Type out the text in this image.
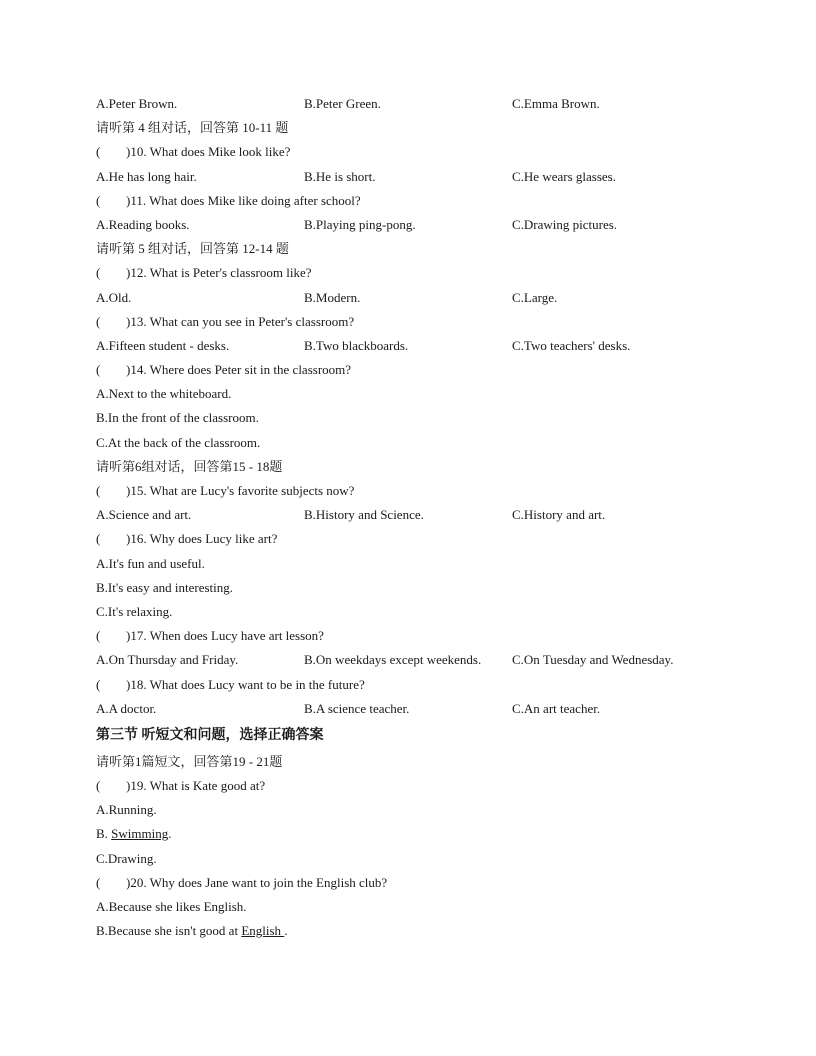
A.Peter Brown.	B.Peter Green.	C.Emma Brown.
请听第 4 组对话，回答第 10-11 题
( )10. What does Mike look like?
A.He has long hair.	B.He is short.	C.He wears glasses.
( )11. What does Mike like doing after school?
A.Reading books.	B.Playing ping-pong.	C.Drawing pictures.
请听第 5 组对话，回答第 12-14 题
( )12. What is Peter's classroom like?
A.Old.	B.Modern.	C.Large.
( )13. What can you see in Peter's classroom?
A.Fifteen student - desks.	B.Two blackboards.	C.Two teachers' desks.
( )14. Where does Peter sit in the classroom?
A.Next to the whiteboard.
B.In the front of the classroom.
C.At the back of the classroom.
请听第6组对话，回答第15 - 18题
( )15. What are Lucy's favorite subjects now?
A.Science and art.	B.History and Science.	C.History and art.
( )16. Why does Lucy like art?
A.It's fun and useful.
B.It's easy and interesting.
C.It's relaxing.
( )17. When does Lucy have art lesson?
A.On Thursday and Friday.	B.On weekdays except weekends.	C.On Tuesday and Wednesday.
( )18. What does Lucy want to be in the future?
A.A doctor.	B.A science teacher.	C.An art teacher.
第三节 听短文和问题，选择正确答案
请听第1篇短文，回答第19 - 21题
( )19. What is Kate good at?
A.Running.
B. Swimming.
C.Drawing.
( )20. Why does Jane want to join the English club?
A.Because she likes English.
B.Because she isn't good at English .
